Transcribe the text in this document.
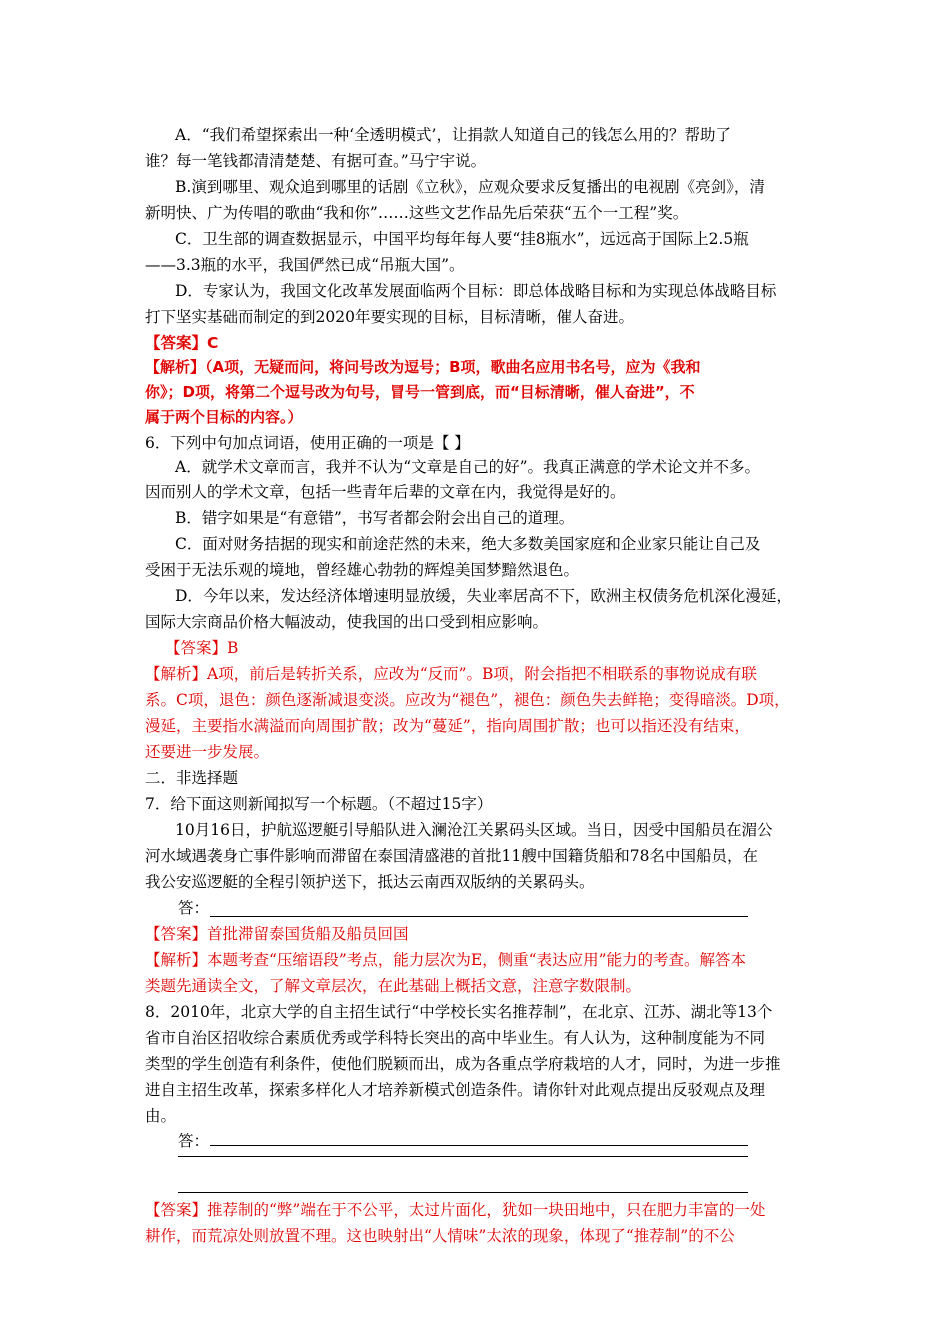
A．“我们希望探索出一种‘全透明模式’，让捐款人知道自己的钱怎么用的？帮助了
谁？每一笔钱都清清楚楚、有据可查。”马宁宇说。
B.演到哪里、观众追到哪里的话剧《立秋》，应观众要求反复播出的电视剧《亮剑》，清
新明快、广为传唱的歌曲“我和你”……这些文艺作品先后荣获“五个一工程”奖。
C．卫生部的调查数据显示，中国平均每年每人要“挂8瓶水”，远远高于国际上2.5瓶
——3.3瓶的水平，我国俨然已成“吊瓶大国”。
D．专家认为，我国文化改革发展面临两个目标：即总体战略目标和为实现总体战略目标
打下坚实基础而制定的到2020年要实现的目标，目标清晰，催人奋进。
【答案】C
【解析】（A项，无疑而问，将问号改为逗号；B项，歌曲名应用书名号，应为《我和
你》；D项，将第二个逗号改为句号，冒号一管到底，而“目标清晰，催人奋进”，不
属于两个目标的内容。）
6．下列中句加点词语，使用正确的一项是【 】
A．就学术文章而言，我并不认为“文章是自己的好”。我真正满意的学术论文并不多。
因而别人的学术文章，包括一些青年后辈的文章在内，我觉得是好的。
B．错字如果是“有意错”，书写者都会附会出自己的道理。
C．面对财务拮据的现实和前途茫然的未来，绝大多数美国家庭和企业家只能让自己及
受困于无法乐观的境地，曾经雄心勃勃的辉煌美国梦黯然退色。
D．今年以来，发达经济体增速明显放缓，失业率居高不下，欧洲主权债务危机深化漫延，
国际大宗商品价格大幅波动，使我国的出口受到相应影响。
【答案】B
【解析】A项，前后是转折关系，应改为“反而”。B项，附会指把不相联系的事物说成有联
系。C项，退色：颜色逐渐减退变淡。应改为“褪色”，褪色：颜色失去鲜艳；变得暗淡。D项，
漫延，主要指水满溢而向周围扩散；改为“蔓延”，指向周围扩散；也可以指还没有结束，
还要进一步发展。
二．非选择题
7．给下面这则新闻拟写一个标题。（不超过15字）
10月16日，护航巡逻艇引导船队进入澜沧江关累码头区域。当日，因受中国船员在湄公
河水域遇袭身亡事件影响而滞留在泰国清盛港的首批11艘中国籍货船和78名中国船员，在
我公安巡逻艇的全程引领护送下，抵达云南西双版纳的关累码头。
答：
【答案】首批滞留泰国货船及船员回国
【解析】本题考查“压缩语段”考点，能力层次为E，侧重“表达应用”能力的考查。解答本
类题先通读全文，了解文章层次，在此基础上概括文意，注意字数限制。
8．2010年，北京大学的自主招生试行“中学校长实名推荐制”，在北京、江苏、湖北等13个
省市自治区招收综合素质优秀或学科特长突出的高中毕业生。有人认为，这种制度能为不同
类型的学生创造有利条件，使他们脱颖而出，成为各重点学府栽培的人才，同时，为进一步推
进自主招生改革，探索多样化人才培养新模式创造条件。请你针对此观点提出反驳观点及理
由。
答：
【答案】推荐制的“弊”端在于不公平，太过片面化，犹如一块田地中，只在肥力丰富的一处
耕作，而荒凉处则放置不理。这也映射出“人情味”太浓的现象，体现了“推荐制”的不公
